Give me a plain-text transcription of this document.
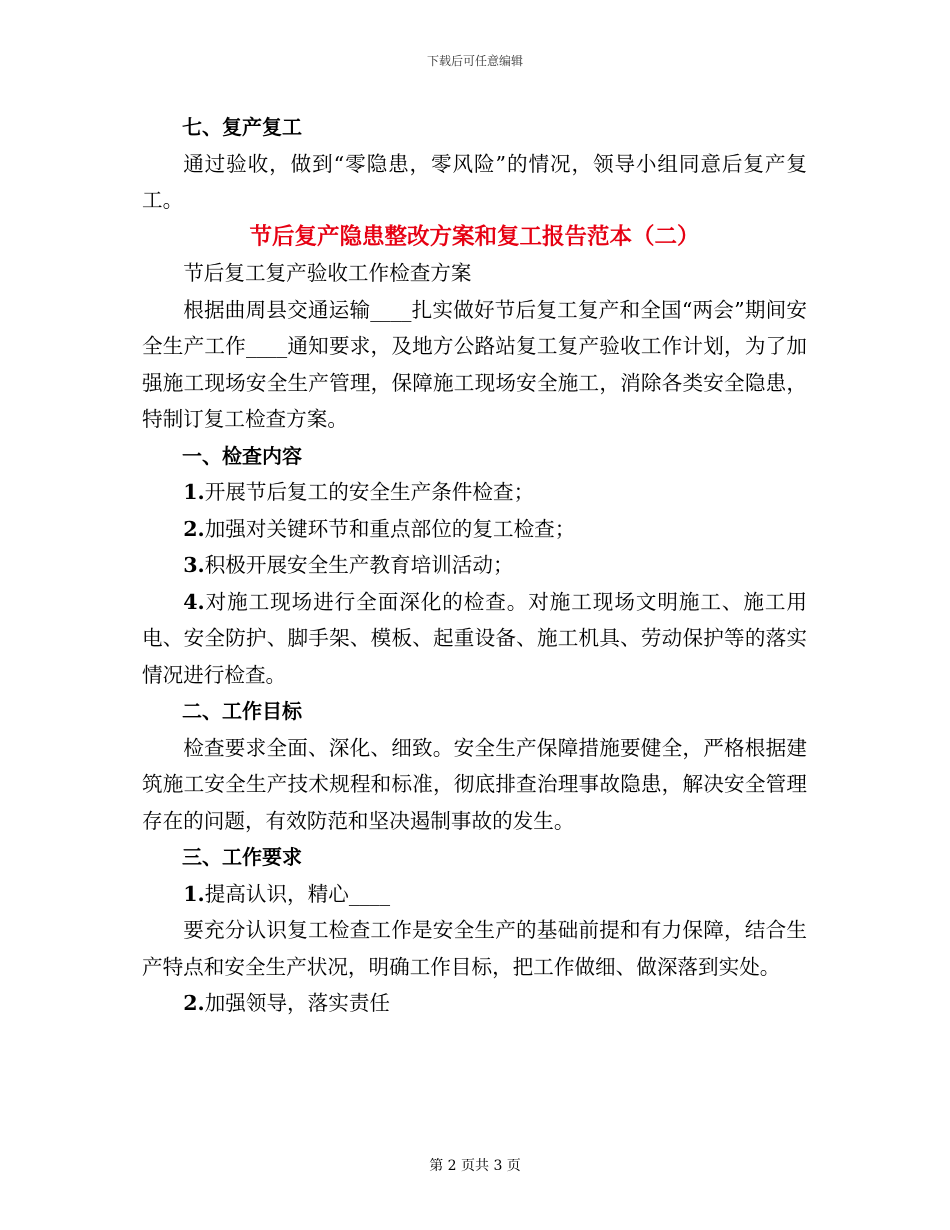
下载后可任意编辑

七、复产复工

通过验收，做到“零隐患，零风险”的情况，领导小组同意后复产复工。

节后复产隐患整改方案和复工报告范本（二）

节后复工复产验收工作检查方案

根据曲周县交通运输____扎实做好节后复工复产和全国“两会”期间安全生产工作____通知要求，及地方公路站复工复产验收工作计划，为了加强施工现场安全生产管理，保障施工现场安全施工，消除各类安全隐患，特制订复工检查方案。

一、检查内容

1.开展节后复工的安全生产条件检查；

2.加强对关键环节和重点部位的复工检查；

3.积极开展安全生产教育培训活动；

4.对施工现场进行全面深化的检查。对施工现场文明施工、施工用电、安全防护、脚手架、模板、起重设备、施工机具、劳动保护等的落实情况进行检查。

二、工作目标

检查要求全面、深化、细致。安全生产保障措施要健全，严格根据建筑施工安全生产技术规程和标准，彻底排查治理事故隐患，解决安全管理存在的问题，有效防范和坚决遏制事故的发生。

三、工作要求

1.提高认识，精心____

要充分认识复工检查工作是安全生产的基础前提和有力保障，结合生产特点和安全生产状况，明确工作目标，把工作做细、做深落到实处。

2.加强领导，落实责任

第 2 页共 3 页
